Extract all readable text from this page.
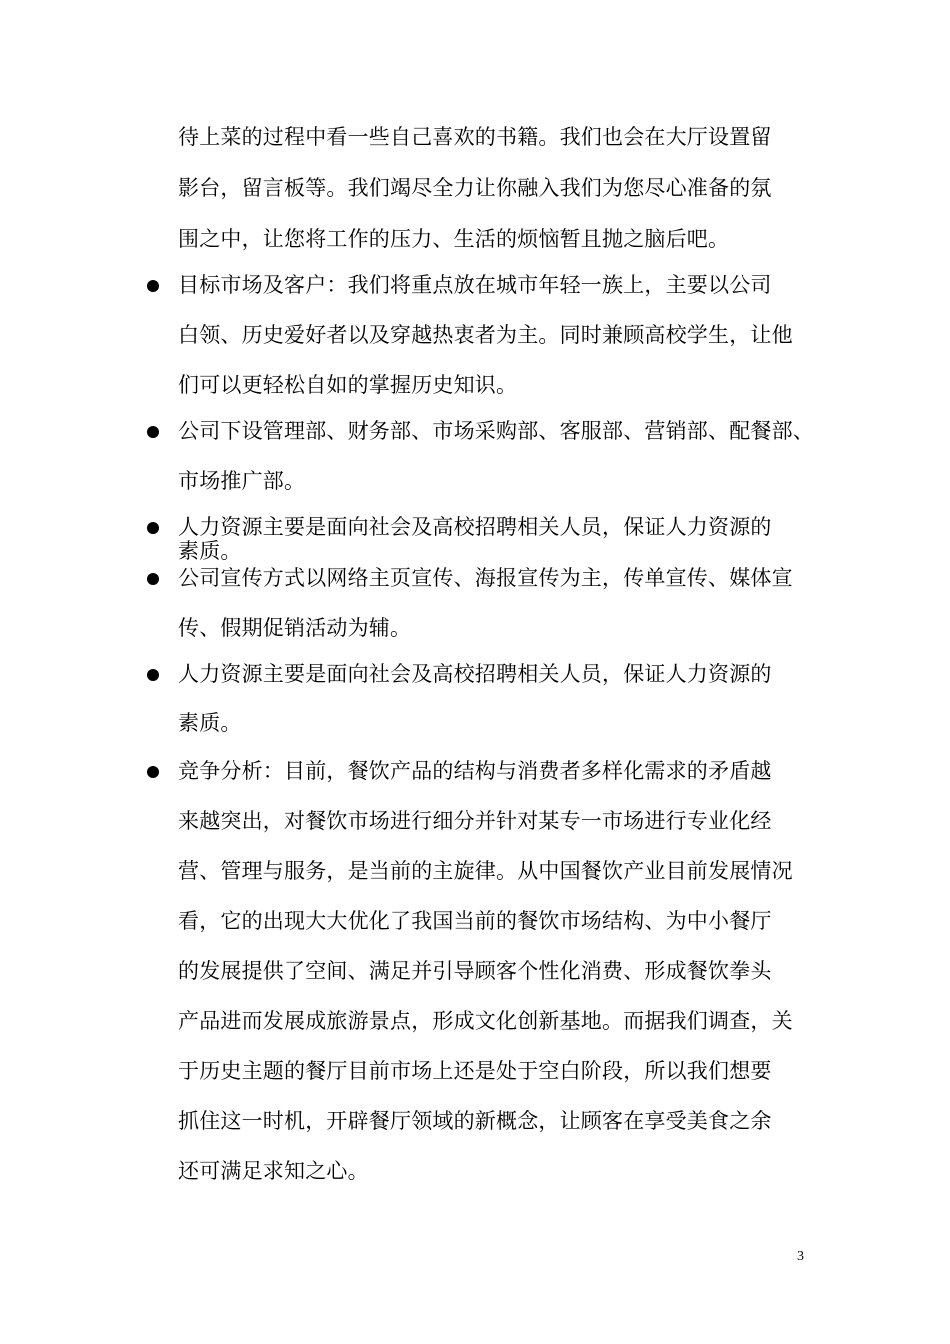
待上菜的过程中看一些自己喜欢的书籍。我们也会在大厅设置留
影台，留言板等。我们竭尽全力让你融入我们为您尽心准备的氛
围之中，让您将工作的压力、生活的烦恼暂且抛之脑后吧。
目标市场及客户：我们将重点放在城市年轻一族上，主要以公司
白领、历史爱好者以及穿越热衷者为主。同时兼顾高校学生，让他
们可以更轻松自如的掌握历史知识。
公司下设管理部、财务部、市场采购部、客服部、营销部、配餐部、
市场推广部。
人力资源主要是面向社会及高校招聘相关人员，保证人力资源的
素质。
公司宣传方式以网络主页宣传、海报宣传为主，传单宣传、媒体宣
传、假期促销活动为辅。
人力资源主要是面向社会及高校招聘相关人员，保证人力资源的
素质。
竞争分析：目前，餐饮产品的结构与消费者多样化需求的矛盾越
来越突出，对餐饮市场进行细分并针对某专一市场进行专业化经
营、管理与服务，是当前的主旋律。从中国餐饮产业目前发展情况
看，它的出现大大优化了我国当前的餐饮市场结构、为中小餐厅
的发展提供了空间、满足并引导顾客个性化消费、形成餐饮拳头
产品进而发展成旅游景点，形成文化创新基地。而据我们调查，关
于历史主题的餐厅目前市场上还是处于空白阶段，所以我们想要
抓住这一时机，开辟餐厅领域的新概念，让顾客在享受美食之余
还可满足求知之心。
3
